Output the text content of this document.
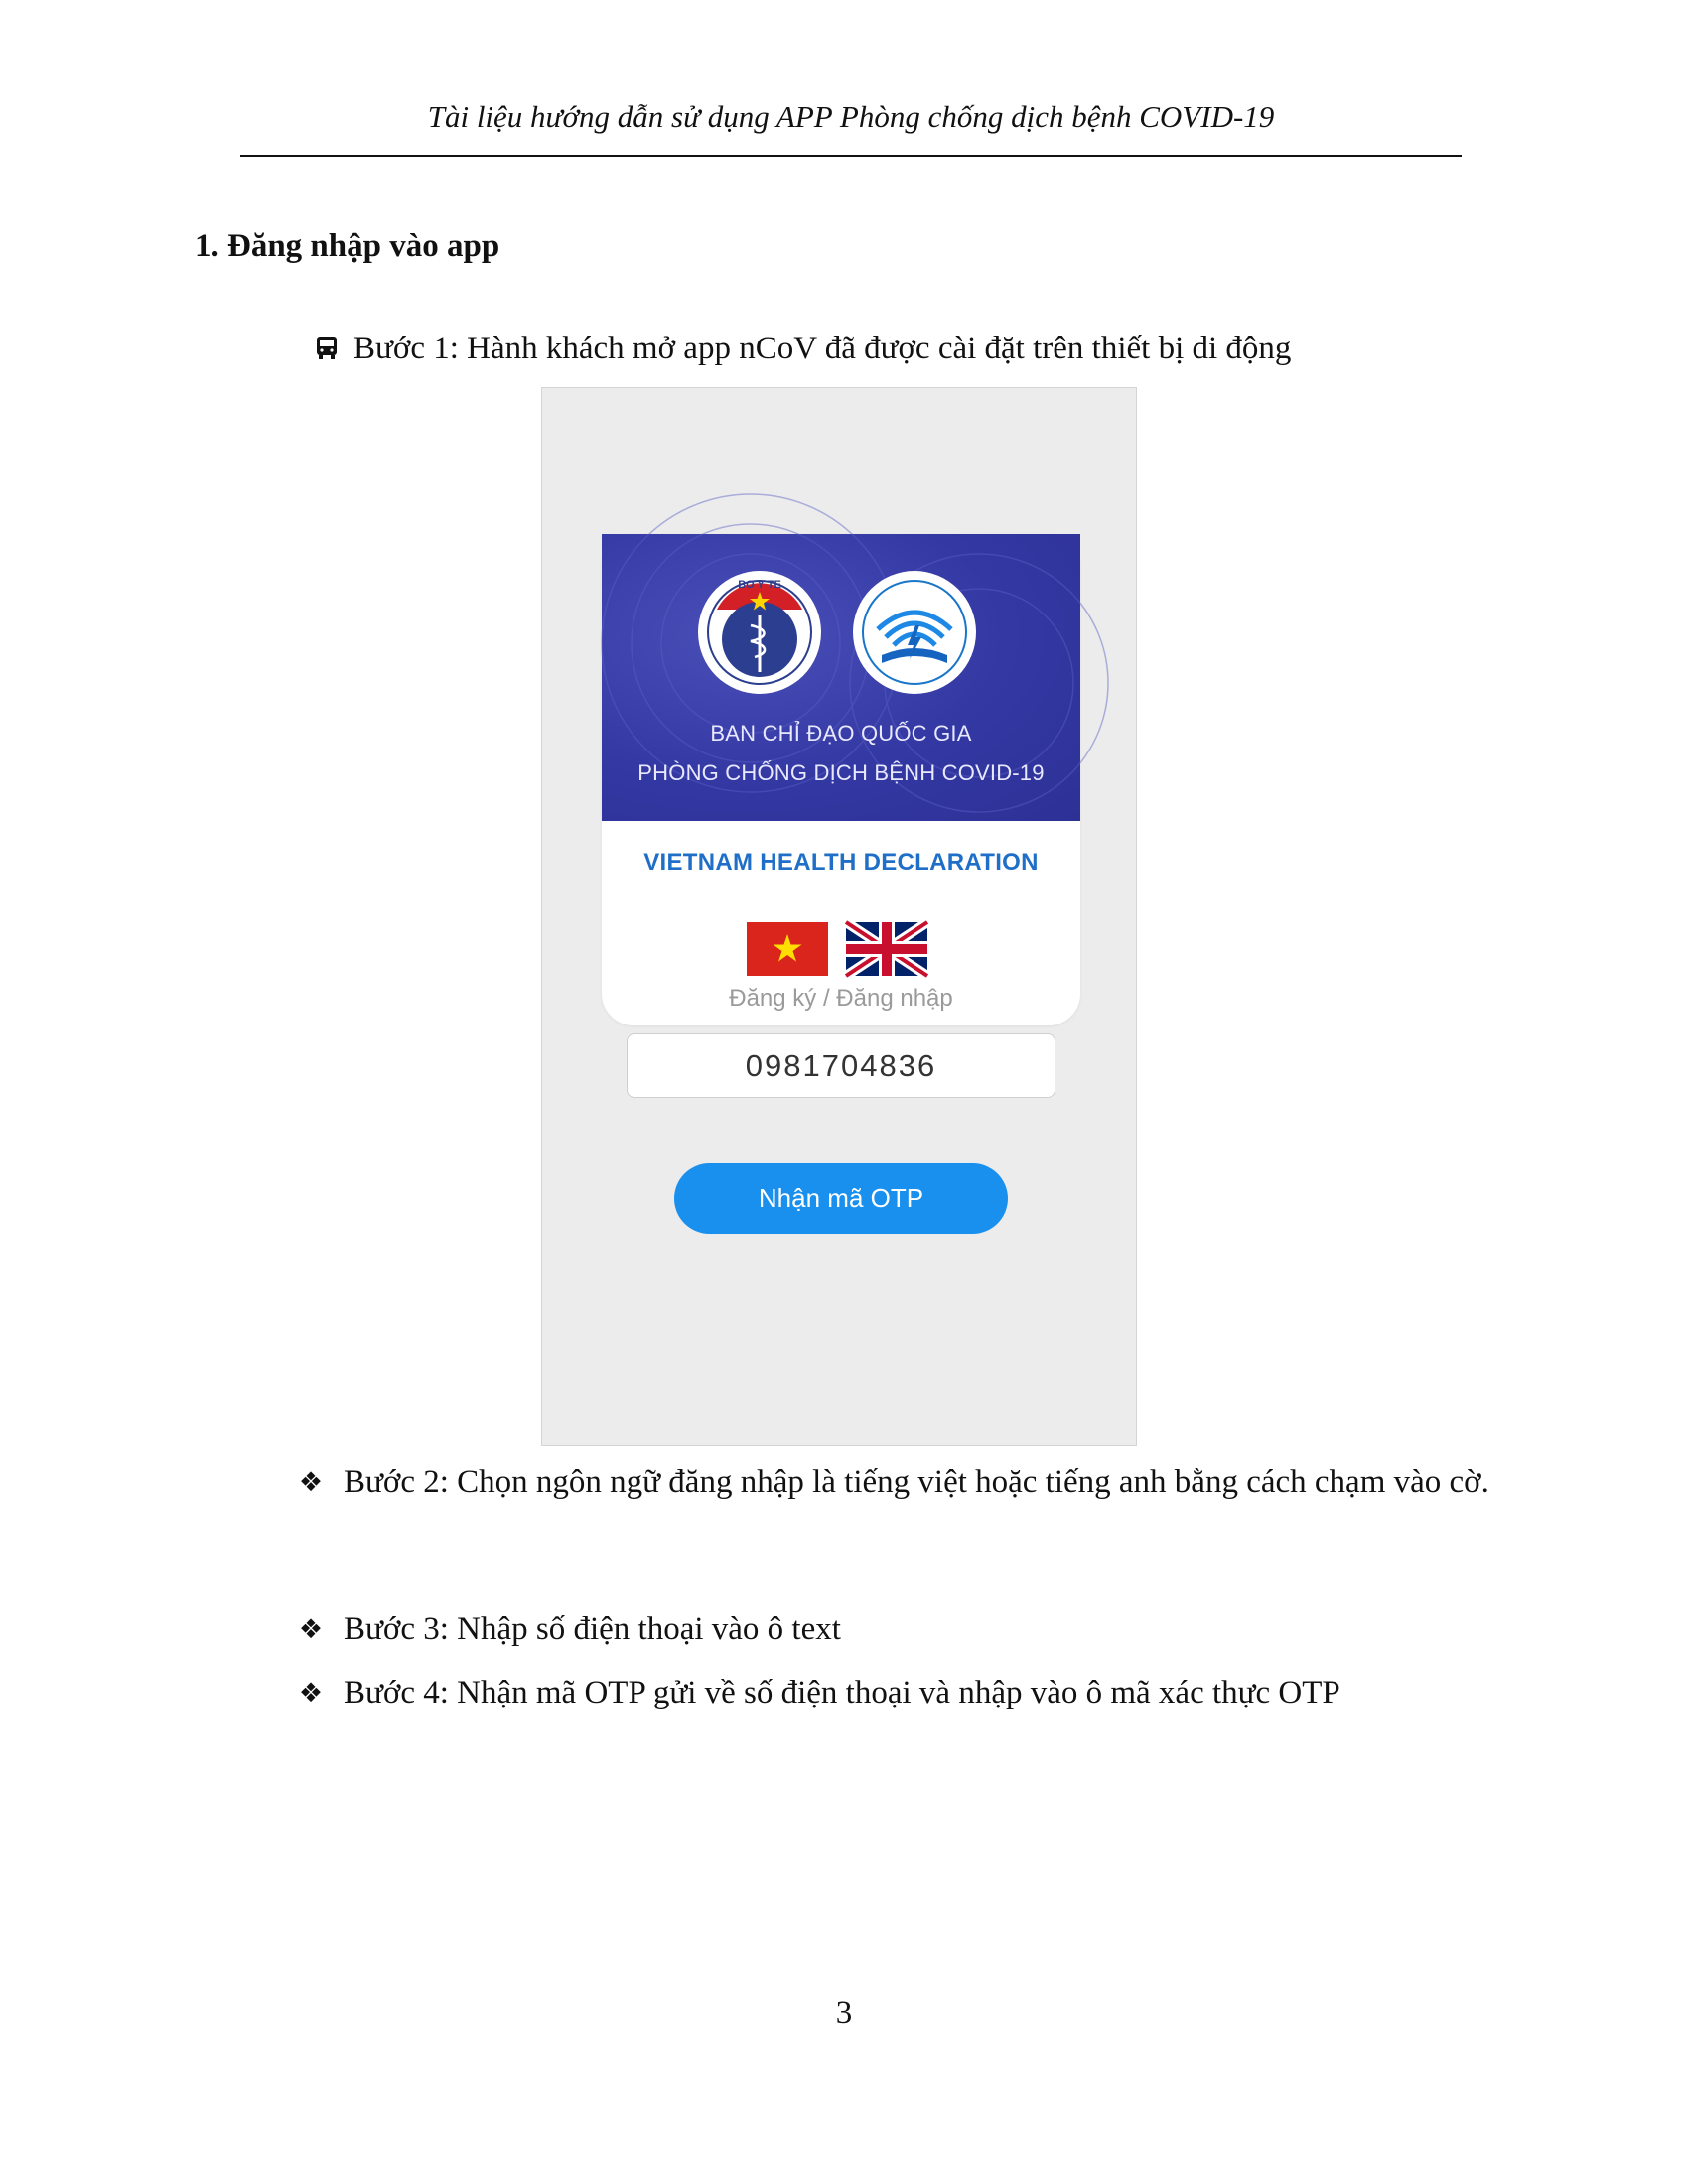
Tài liệu hướng dẫn sử dụng APP Phòng chống dịch bệnh COVID-19
1. Đăng nhập vào app
Bước 1: Hành khách mở app nCoV đã được cài đặt trên thiết bị di động
BO Y TE
BAN CHỈ ĐẠO QUỐC GIA
PHÒNG CHỐNG DỊCH BỆNH COVID-19
VIETNAM HEALTH DECLARATION
Đăng ký / Đăng nhập
0981704836
Nhận mã OTP
❖ Bước 2: Chọn ngôn ngữ đăng nhập là tiếng việt hoặc tiếng anh bằng cách chạm vào cờ.
❖ Bước 3: Nhập số điện thoại vào ô text
❖ Bước 4: Nhận mã OTP gửi về số điện thoại và nhập vào ô mã xác thực OTP
3
